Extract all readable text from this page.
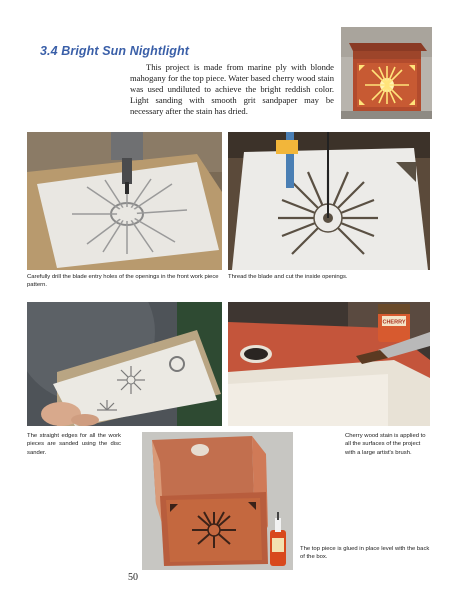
3.4 Bright Sun Nightlight

This project is made from marine ply with blonde mahogany for the top piece. Water based cherry wood stain was used undiluted to achieve the bright reddish color. Light sanding with smooth grit sandpaper may be necessary after the stain has dried.

Carefully drill the blade entry holes of the openings in the front work piece pattern.
Thread the blade and cut the inside openings.
CHERRY
The straight edges for all the work pieces are sanded using the disc sander.
Cherry wood stain is applied to all the surfaces of the project with a large artist's brush.
The top piece is glued in place level with the back of the box.
50
